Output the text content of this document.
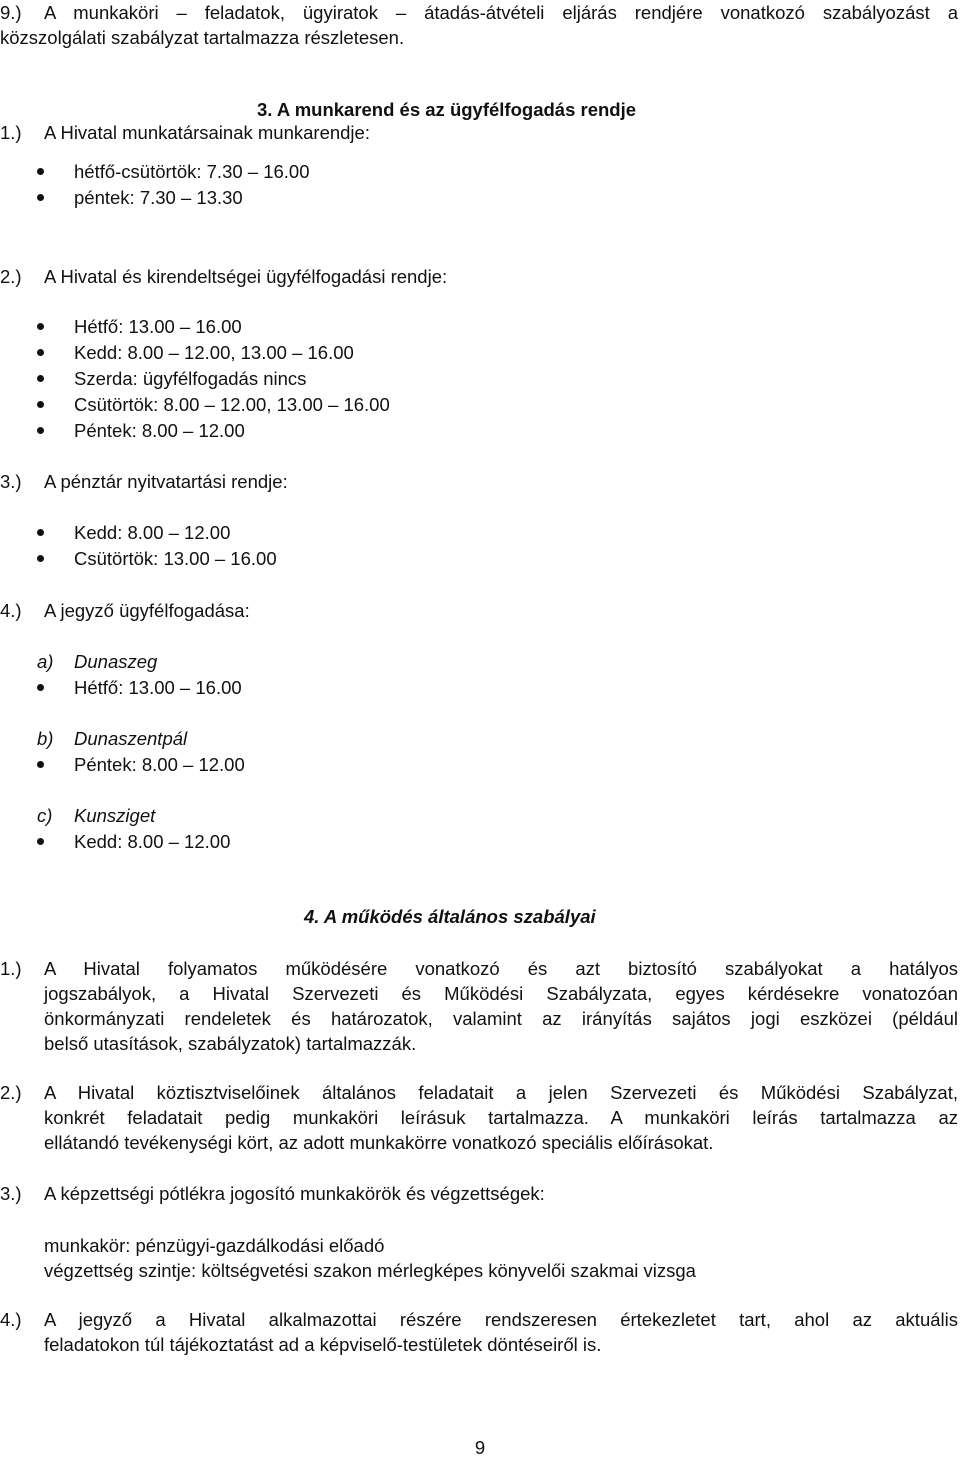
9.) A munkaköri – feladatok, ügyiratok – átadás-átvételi eljárás rendjére vonatkozó szabályozást a
közszolgálati szabályzat tartalmazza részletesen.
3. A munkarend és az ügyfélfogadás rendje
1.) A Hivatal munkatársainak munkarendje:
hétfő-csütörtök: 7.30 – 16.00
péntek: 7.30 – 13.30
2.) A Hivatal és kirendeltségei ügyfélfogadási rendje:
Hétfő: 13.00 – 16.00
Kedd: 8.00 – 12.00, 13.00 – 16.00
Szerda: ügyfélfogadás nincs
Csütörtök: 8.00 – 12.00, 13.00 – 16.00
Péntek: 8.00 – 12.00
3.) A pénztár nyitvatartási rendje:
Kedd: 8.00 – 12.00
Csütörtök: 13.00 – 16.00
4.) A jegyző ügyfélfogadása:
a) Dunaszeg
Hétfő: 13.00 – 16.00
b) Dunaszentpál
Péntek: 8.00 – 12.00
c) Kunsziget
Kedd: 8.00 – 12.00
4. A működés általános szabályai
1.) A Hivatal folyamatos működésére vonatkozó és azt biztosító szabályokat a hatályos
jogszabályok, a Hivatal Szervezeti és Működési Szabályzata, egyes kérdésekre vonatozóan
önkormányzati rendeletek és határozatok, valamint az irányítás sajátos jogi eszközei (például
belső utasítások, szabályzatok) tartalmazzák.
2.) A Hivatal köztisztviselőinek általános feladatait a jelen Szervezeti és Működési Szabályzat,
konkrét feladatait pedig munkaköri leírásuk tartalmazza. A munkaköri leírás tartalmazza az
ellátandó tevékenységi kört, az adott munkakörre vonatkozó speciális előírásokat.
3.) A képzettségi pótlékra jogosító munkakörök és végzettségek:
munkakör: pénzügyi-gazdálkodási előadó
végzettség szintje: költségvetési szakon mérlegképes könyvelői szakmai vizsga
4.) A jegyző a Hivatal alkalmazottai részére rendszeresen értekezletet tart, ahol az aktuális
feladatokon túl tájékoztatást ad a képviselő-testületek döntéseiről is.
9
